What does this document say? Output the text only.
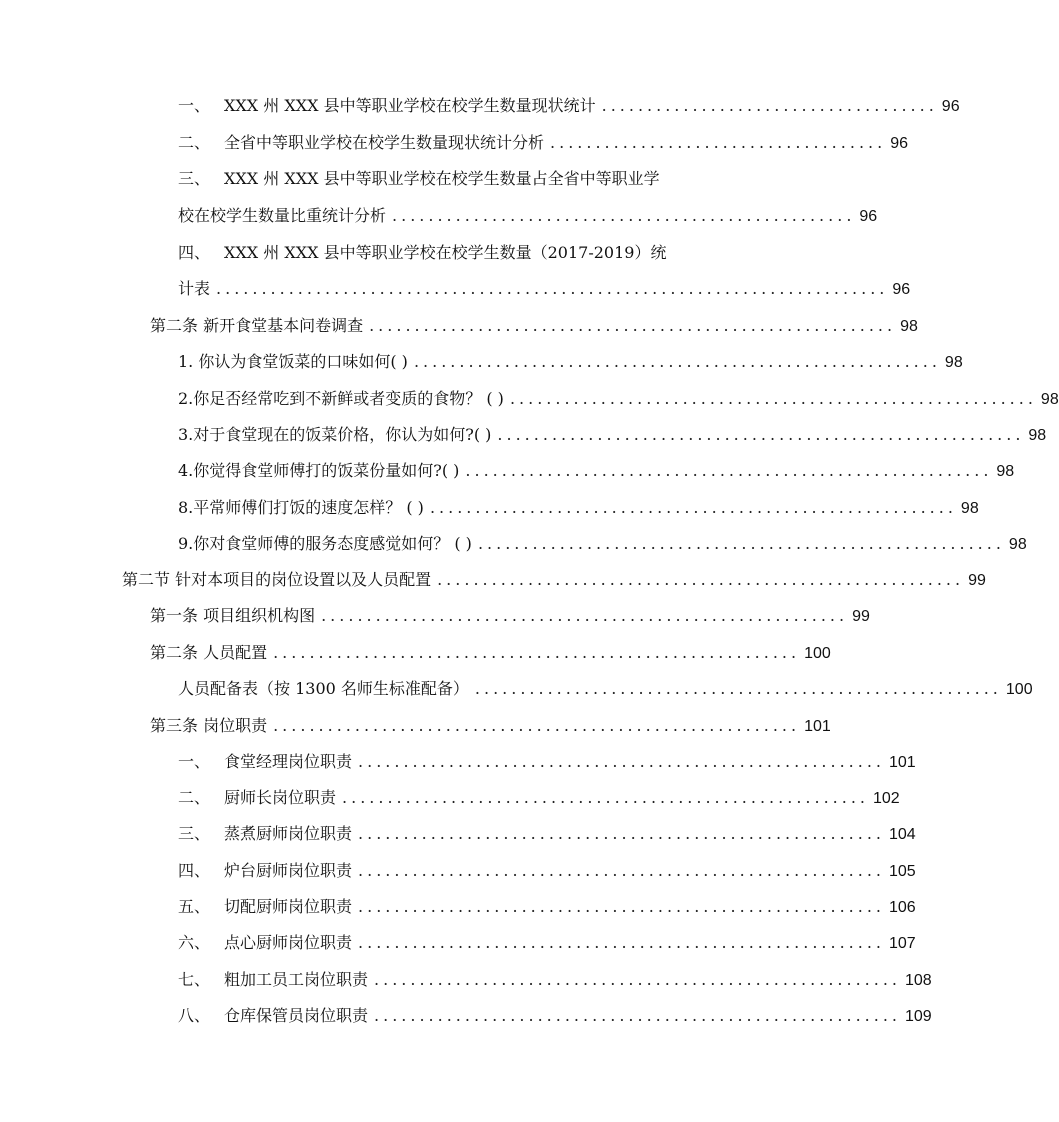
一、 XXX 州 XXX 县中等职业学校在校学生数量现状统计 ..................................... 96
二、 全省中等职业学校在校学生数量现状统计分析 ..................................... 96
三、 XXX 州 XXX 县中等职业学校在校学生数量占全省中等职业学
校在校学生数量比重统计分析 ................................................... 96
四、 XXX 州 XXX 县中等职业学校在校学生数量（2017-2019）统
计表 .......................................................................... 96
第二条 新开食堂基本问卷调查 .......................................................... 98
1. 你认为食堂饭菜的口味如何( ) .......................................................... 98
2.你足否经常吃到不新鲜或者变质的食物？ ( ) .......................................................... 98
3.对于食堂现在的饭菜价格，你认为如何?( ) .......................................................... 98
4.你觉得食堂师傅打的饭菜份量如何?( ) .......................................................... 98
8.平常师傅们打饭的速度怎样？ ( ) .......................................................... 98
9.你对食堂师傅的服务态度感觉如何？ ( ) .......................................................... 98
第二节 针对本项目的岗位设置以及人员配置 .......................................................... 99
第一条 项目组织机构图 .......................................................... 99
第二条 人员配置 .......................................................... 100
人员配备表（按 1300 名师生标准配备） .......................................................... 100
第三条 岗位职责 .......................................................... 101
一、 食堂经理岗位职责 .......................................................... 101
二、 厨师长岗位职责 .......................................................... 102
三、 蒸煮厨师岗位职责 .......................................................... 104
四、 炉台厨师岗位职责 .......................................................... 105
五、 切配厨师岗位职责 .......................................................... 106
六、 点心厨师岗位职责 .......................................................... 107
七、 粗加工员工岗位职责 .......................................................... 108
八、 仓库保管员岗位职责 .......................................................... 109
